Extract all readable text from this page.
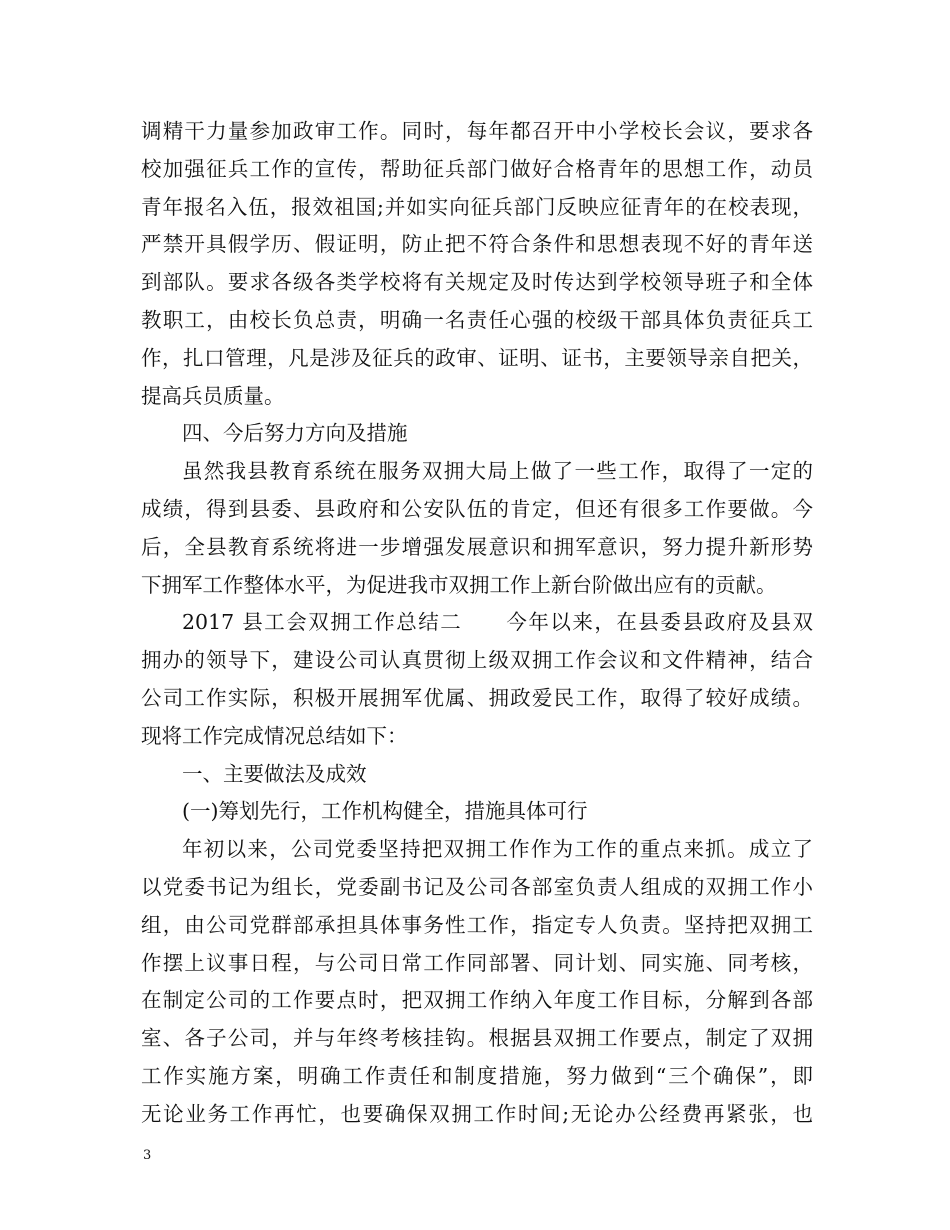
调精干力量参加政审工作。同时，每年都召开中小学校长会议，要求各
校加强征兵工作的宣传，帮助征兵部门做好合格青年的思想工作，动员
青年报名入伍，报效祖国;并如实向征兵部门反映应征青年的在校表现，
严禁开具假学历、假证明，防止把不符合条件和思想表现不好的青年送
到部队。要求各级各类学校将有关规定及时传达到学校领导班子和全体
教职工，由校长负总责，明确一名责任心强的校级干部具体负责征兵工
作，扎口管理，凡是涉及征兵的政审、证明、证书，主要领导亲自把关，
提高兵员质量。
四、今后努力方向及措施
虽然我县教育系统在服务双拥大局上做了一些工作，取得了一定的
成绩，得到县委、县政府和公安队伍的肯定，但还有很多工作要做。今
后，全县教育系统将进一步增强发展意识和拥军意识，努力提升新形势
下拥军工作整体水平，为促进我市双拥工作上新台阶做出应有的贡献。
2017 县工会双拥工作总结二　　今年以来，在县委县政府及县双
拥办的领导下，建设公司认真贯彻上级双拥工作会议和文件精神，结合
公司工作实际，积极开展拥军优属、拥政爱民工作，取得了较好成绩。
现将工作完成情况总结如下：
一、主要做法及成效
(一)筹划先行，工作机构健全，措施具体可行
年初以来，公司党委坚持把双拥工作作为工作的重点来抓。成立了
以党委书记为组长，党委副书记及公司各部室负责人组成的双拥工作小
组，由公司党群部承担具体事务性工作，指定专人负责。坚持把双拥工
作摆上议事日程，与公司日常工作同部署、同计划、同实施、同考核，
在制定公司的工作要点时，把双拥工作纳入年度工作目标，分解到各部
室、各子公司，并与年终考核挂钩。根据县双拥工作要点，制定了双拥
工作实施方案，明确工作责任和制度措施，努力做到“三个确保”，即
无论业务工作再忙，也要确保双拥工作时间;无论办公经费再紧张，也
3
